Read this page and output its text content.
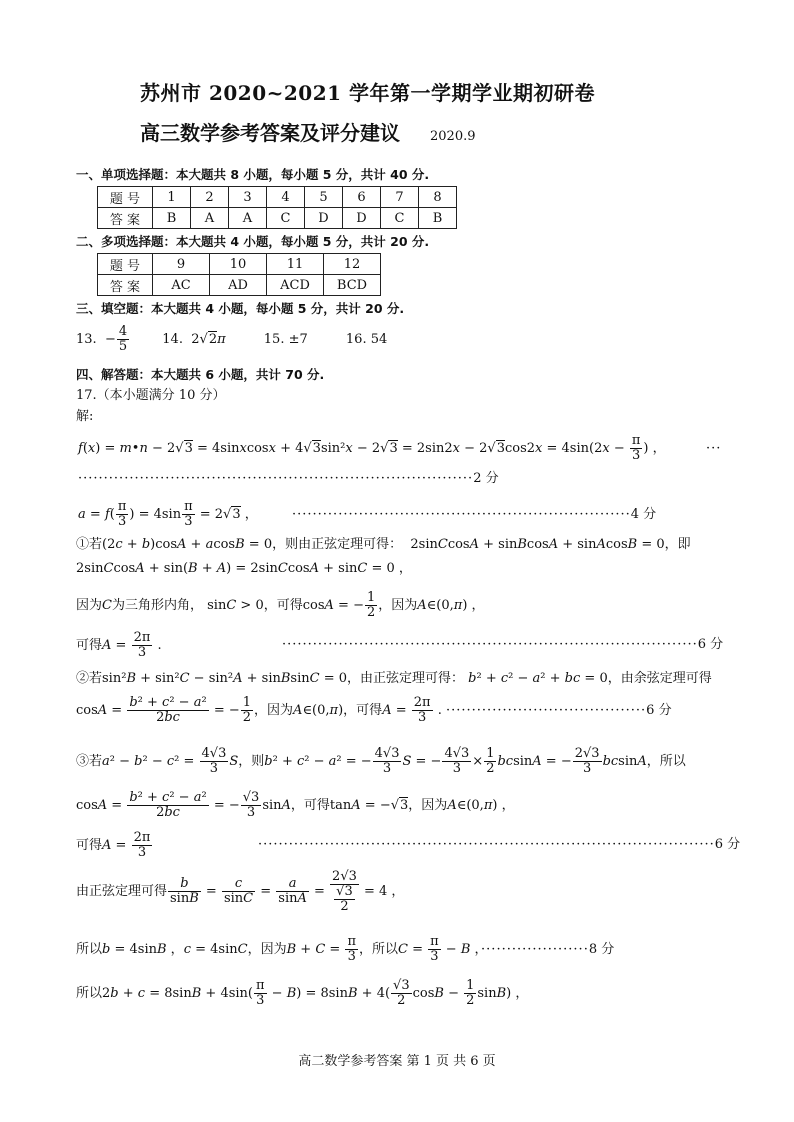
苏州市 2020~2021 学年第一学期学业期初研卷
高三数学参考答案及评分建议 2020.9
一、单项选择题：本大题共 8 小题，每小题 5 分，共计 40 分.
题 号	1	2	3	4	5	6	7	8
答 案	B	A	A	C	D	D	C	B
二、多项选择题：本大题共 4 小题，每小题 5 分，共计 20 分.
题 号	9	10	11	12
答 案	AC	AD	ACD	BCD
三、填空题：本大题共 4 小题，每小题 5 分，共计 20 分.
13.  − $\frac{4}{5}$	14.  2√2π	15. ±7	16. 54
四、解答题：本大题共 6 小题，共计 70 分.
17.（本小题满分 10 分）
解:
f(x) = m•n − 2√3 = 4sinxcosx + $4√3\sin^2x - 2√3 = 2\sin 2x - 2√3\cos 2x = 4\sin(2x - \frac{\pi}{3}$ ) ，	···
·············································································2 分
$a = f( \frac{\pi}{3}$ ) = $4\sin \frac{\pi}{3} = 2√3$ ，	··································································4 分
①若(2c + b)cosA + acosB = 0，则由正弦定理可得：  2sinCcosA + sinBcosA + sinAcosB = 0，即
2sinCcosA + sin(B + A) = 2sinCcosA + sinC = 0 ，
因为C为三角形内角， sinC > 0，可得cosA = − $\frac{1}{2}$ ，因为A∈(0,π) ，
可得$A = \frac{2\pi}{3}$ .	·················································································6 分
②若sin²B + sin²C − sin²A + sinBsinC = 0，由正弦定理可得： b² + c² − a² + bc = 0，由余弦定理可得
$\cos A = \frac{\text{b² + c² − a²}}{2bc}$ = − $\frac{1}{2}$ ，因为A∈(0,π)，可得$A = \frac{2\pi}{3}$ . ·······································6 分
③若$a^2 - b^2 - c^2 = \frac{4√3}{3}$ S，则b² + c² − a² = − $\frac{4√3}{3}$ S = − $\frac{4√3}{3} \times \frac{1}{2}$ bcsinA = − $\frac{2√3}{3}$ bcsinA，所以
$\cos A = \frac{\text{b² + c² − a²}}{2bc}$ = − $\frac{√3}{3}$ sinA，可得tanA = −√3，因为A∈(0,π) ，
可得$A = \frac{2\pi}{3}$	·························································································6 分
由正弦定理可得 $\frac{b}{\sin B} = \frac{c}{\sin C} = \frac{a}{\sin A} = \frac{2√3}{\frac{√3}{2}} = 4$ ，
所以b = 4sinB ，c = 4sinC，因为$B + C = \frac{\pi}{3}$ ，所以$C = \frac{\pi}{3} - B$ ，·····················8 分
所以$2b + c = 8\sin B + 4\sin( \frac{\pi}{3} - B) = 8\sin B + 4( \frac{√3}{2}$ $\cos B - \frac{1}{2} \sin B$) ，
高二数学参考答案 第 1 页 共 6 页
